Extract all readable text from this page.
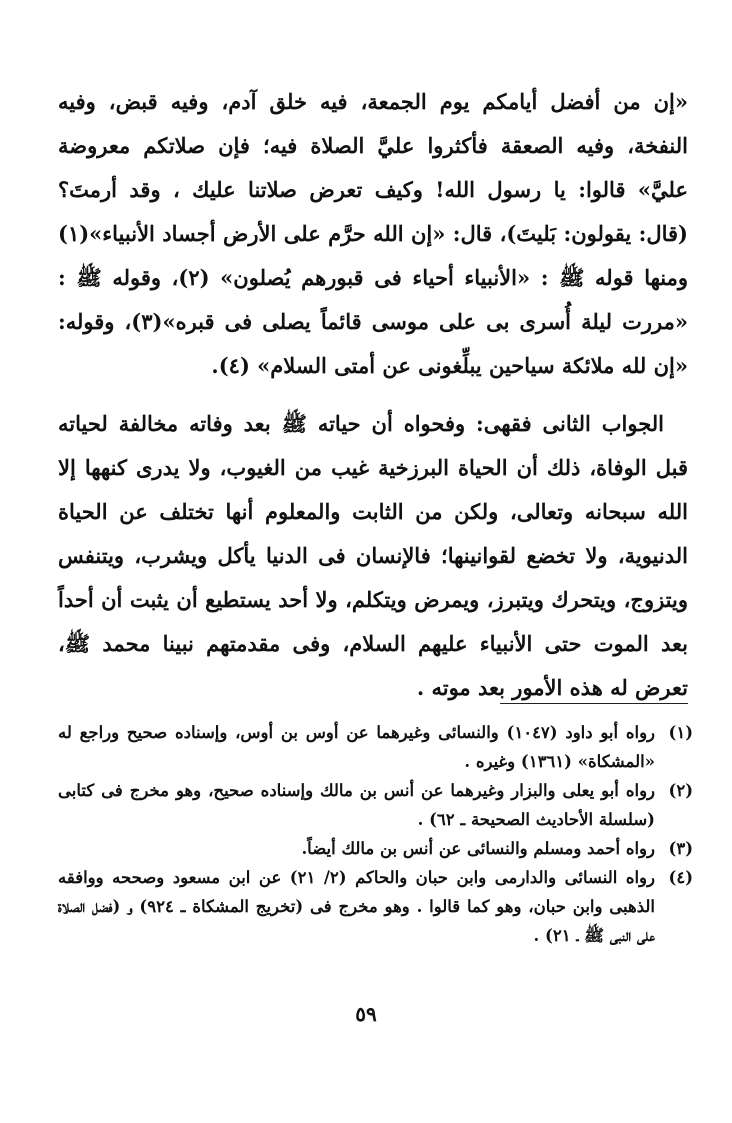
«إن من أفضل أيامكم يوم الجمعة، فيه خلق آدم، وفيه قبض، وفيه النفخة، وفيه الصعقة فأكثروا عليَّ الصلاة فيه؛ فإن صلاتكم معروضة عليَّ» قالوا: يا رسول الله! وكيف تعرض صلاتنا عليك ، وقد أرمتَ؟ (قال: يقولون: بَليتَ)، قال: «إن الله حرَّم على الأرض أجساد الأنبياء»(١) ومنها قوله ﷺ : «الأنبياء أحياء فى قبورهم يُصلون» (٢)، وقوله ﷺ : «مررت ليلة أُسرى بى على موسى قائماً يصلى فى قبره»(٣)، وقوله: «إن لله ملائكة سياحين يبلِّغونى عن أمتى السلام» (٤).

الجواب الثانى فقهى: وفحواه أن حياته ﷺ بعد وفاته مخالفة لحياته قبل الوفاة، ذلك أن الحياة البرزخية غيب من الغيوب، ولا يدرى كنهها إلا الله سبحانه وتعالى، ولكن من الثابت والمعلوم أنها تختلف عن الحياة الدنيوية، ولا تخضع لقوانينها؛ فالإنسان فى الدنيا يأكل ويشرب، ويتنفس ويتزوج، ويتحرك ويتبرز، ويمرض ويتكلم، ولا أحد يستطيع أن يثبت أن أحداً بعد الموت حتى الأنبياء عليهم السلام، وفى مقدمتهم نبينا محمد ﷺ، تعرض له هذه الأمور بعد موته .

(١)
رواه أبو داود (١٠٤٧) والنسائى وغيرهما عن أوس بن أوس، وإسناده صحيح وراجع له «المشكاة» (١٣٦١) وغيره .

(٢)
رواه أبو يعلى والبزار وغيرهما عن أنس بن مالك وإسناده صحيح، وهو مخرج فى كتابى (سلسلة الأحاديث الصحيحة ـ ٦٢) .

(٣)
رواه أحمد ومسلم والنسائى عن أنس بن مالك أيضاً.

(٤)
رواه النسائى والدارمى وابن حبان والحاكم (٢/ ٢١) عن ابن مسعود وصححه ووافقه الذهبى وابن حبان، وهو كما قالوا . وهو مخرج فى (تخريج المشكاة ـ ٩٢٤) و (فضل الصلاة على النبى ﷺ ـ ٢١) .

٥٩
